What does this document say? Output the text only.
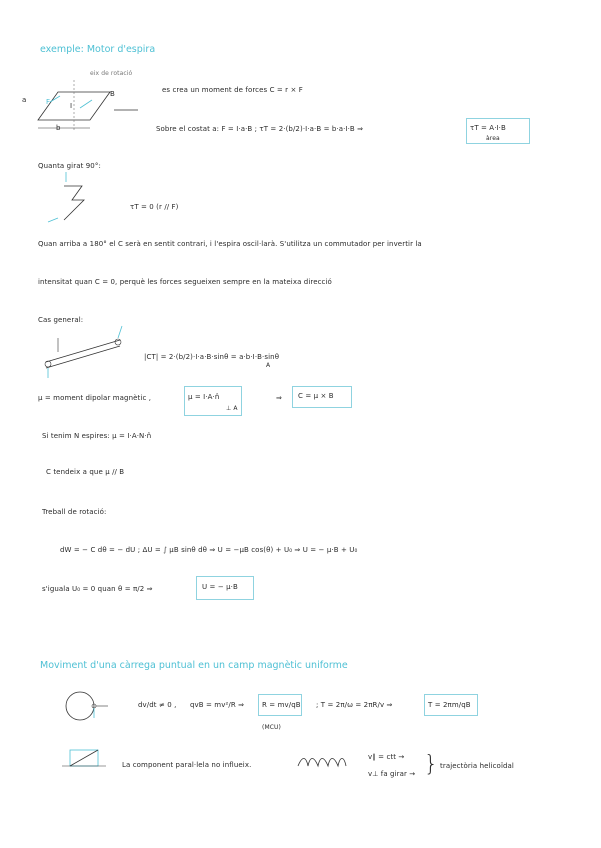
exemple: Motor d'espira
eix de rotació
a
b
B
F	I
es crea un moment de forces C = r × F
Sobre el costat a: F = I·a·B ; τT = 2·(b/2)·I·a·B = b·a·I·B ⇒	τT = A·I·B
àrea
Quanta girat 90°:
τT = 0 (r // F)
Quan arriba a 180° el C serà en sentit contrari, i l'espira oscil·larà. S'utilitza un commutador per invertir la
intensitat quan C = 0, perquè les forces segueixen sempre en la mateixa direcció
Cas general:
|CT| = 2·(b/2)·I·a·B·sinθ = a·b·I·B·sinθ
A
μ = moment dipolar magnètic ,	μ = I·A·n̂
⊥ A
⇒ C = μ × B
Si tenim N espires: μ = I·A·N·n̂
C tendeix a que μ // B
Treball de rotació:
dW = − C dθ = − dU ; ΔU = ∫ μB sinθ dθ ⇒ U = −μB cos(θ) + U₀ ⇒ U = − μ·B + U₀
s'iguala U₀ = 0 quan θ = π/2 ⇒	U = − μ·B
Moviment d'una càrrega puntual en un camp magnètic uniforme
dv/dt ≠ 0 , qvB = mv²/R ⇒	R = mv/qB
(MCU)
; T = 2π/ω = 2πR/v ⇒	T = 2πm/qB
La component paral·lela no influeix.
v∥ = ctt →
v⊥ fa girar → } trajectòria helicoïdal
